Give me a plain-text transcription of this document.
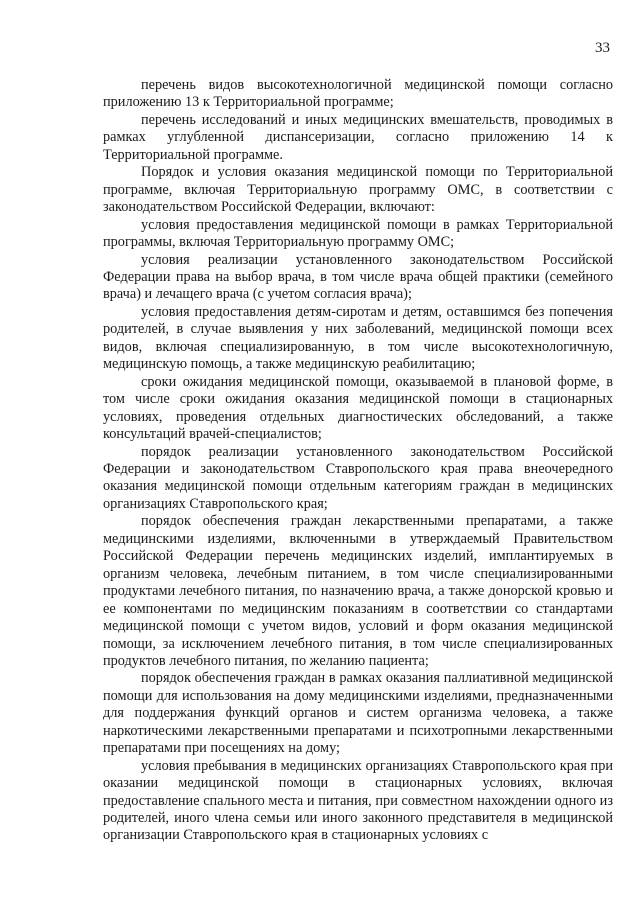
33

перечень видов высокотехнологичной медицинской помощи согласно приложению 13 к Территориальной программе;

перечень исследований и иных медицинских вмешательств, проводимых в рамках углубленной диспансеризации, согласно приложению 14 к Территориальной программе.

Порядок и условия оказания медицинской помощи по Территориальной программе, включая Территориальную программу ОМС, в соответствии с законодательством Российской Федерации, включают:

условия предоставления медицинской помощи в рамках Территориальной программы, включая Территориальную программу ОМС;

условия реализации установленного законодательством Российской Федерации права на выбор врача, в том числе врача общей практики (семейного врача) и лечащего врача (с учетом согласия врача);

условия предоставления детям-сиротам и детям, оставшимся без попечения родителей, в случае выявления у них заболеваний, медицинской помощи всех видов, включая специализированную, в том числе высокотехнологичную, медицинскую помощь, а также медицинскую реабилитацию;

сроки ожидания медицинской помощи, оказываемой в плановой форме, в том числе сроки ожидания оказания медицинской помощи в стационарных условиях, проведения отдельных диагностических обследований, а также консультаций врачей-специалистов;

порядок реализации установленного законодательством Российской Федерации и законодательством Ставропольского края права внеочередного оказания медицинской помощи отдельным категориям граждан в медицинских организациях Ставропольского края;

порядок обеспечения граждан лекарственными препаратами, а также медицинскими изделиями, включенными в утверждаемый Правительством Российской Федерации перечень медицинских изделий, имплантируемых в организм человека, лечебным питанием, в том числе специализированными продуктами лечебного питания, по назначению врача, а также донорской кровью и ее компонентами по медицинским показаниям в соответствии со стандартами медицинской помощи с учетом видов, условий и форм оказания медицинской помощи, за исключением лечебного питания, в том числе специализированных продуктов лечебного питания, по желанию пациента;

порядок обеспечения граждан в рамках оказания паллиативной медицинской помощи для использования на дому медицинскими изделиями, предназначенными для поддержания функций органов и систем организма человека, а также наркотическими лекарственными препаратами и психотропными лекарственными препаратами при посещениях на дому;

условия пребывания в медицинских организациях Ставропольского края при оказании медицинской помощи в стационарных условиях, включая предоставление спального места и питания, при совместном нахождении одного из родителей, иного члена семьи или иного законного представителя в медицинской организации Ставропольского края в стационарных условиях с
